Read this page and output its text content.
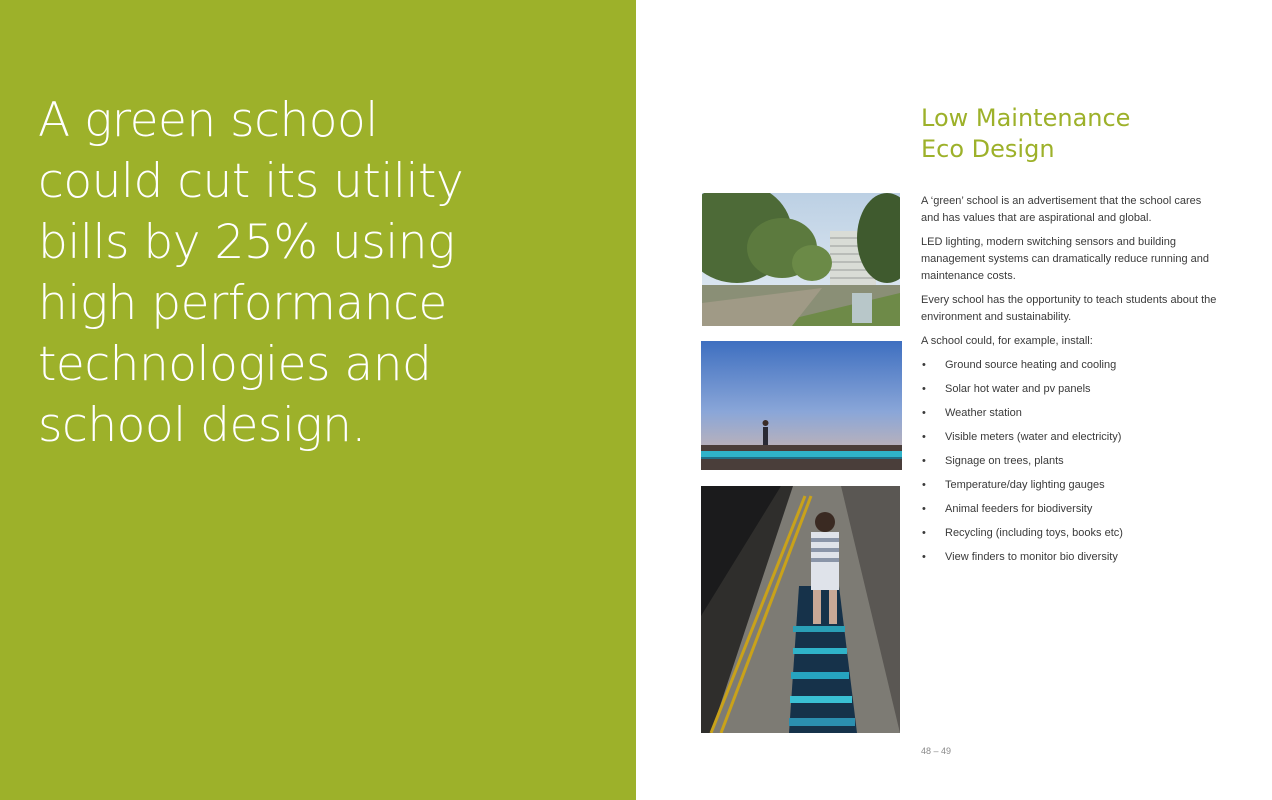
A green school
could cut its utility
bills by 25% using
high performance
technologies and
school design.
Low Maintenance
Eco Design

A ‘green’ school is an advertisement that the school cares and has values that are aspirational and global.

LED lighting, modern switching sensors and building management systems can dramatically reduce running and maintenance costs.

Every school has the opportunity to teach students about the environment and sustainability.

A school could, for example, install:

• Ground source heating and cooling
• Solar hot water and pv panels
• Weather station
• Visible meters (water and electricity)
• Signage on trees, plants
• Temperature/day lighting gauges
• Animal feeders for biodiversity
• Recycling (including toys, books etc)
• View finders to monitor bio diversity
48 – 49
